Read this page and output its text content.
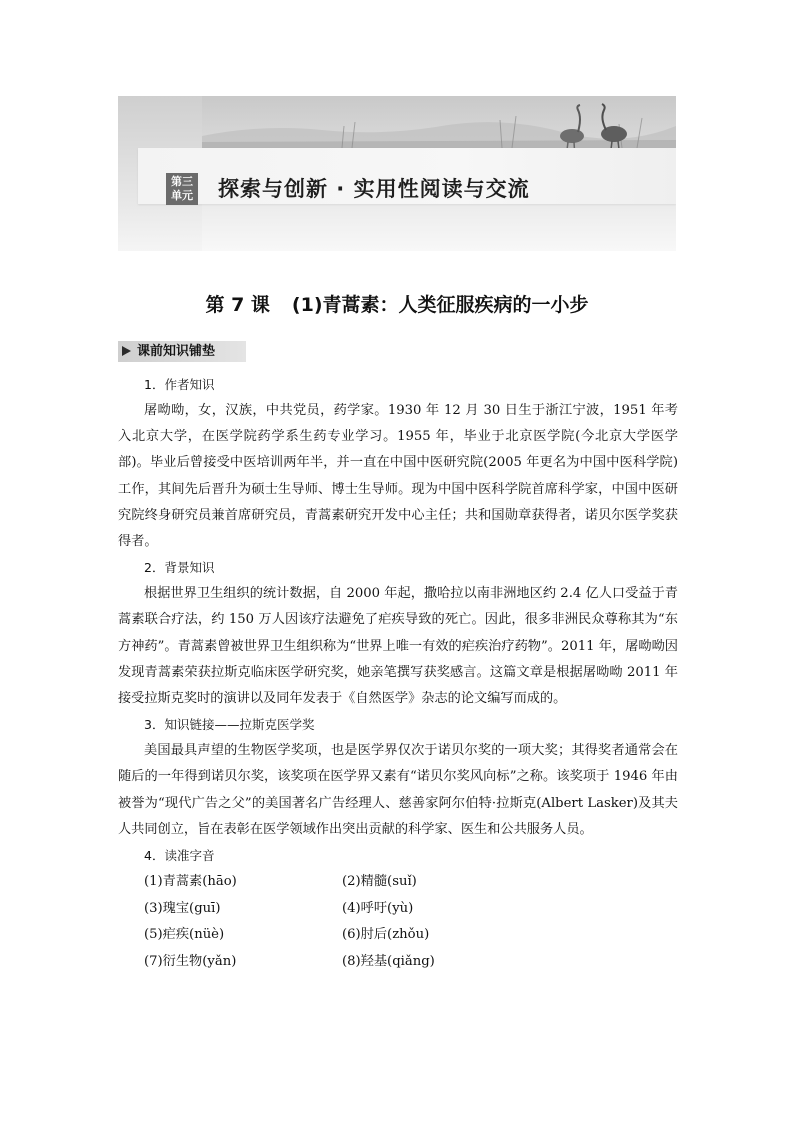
第三
单元 探索与创新 · 实用性阅读与交流
第 7 课 (1)青蒿素：人类征服疾病的一小步
课前知识铺垫
1．作者知识

屠呦呦，女，汉族，中共党员，药学家。1930 年 12 月 30 日生于浙江宁波，1951 年考入北京大学，在医学院药学系生药专业学习。1955 年，毕业于北京医学院(今北京大学医学部)。毕业后曾接受中医培训两年半，并一直在中国中医研究院(2005 年更名为中国中医科学院)工作，其间先后晋升为硕士生导师、博士生导师。现为中国中医科学院首席科学家，中国中医研究院终身研究员兼首席研究员，青蒿素研究开发中心主任；共和国勋章获得者，诺贝尔医学奖获得者。

2．背景知识

根据世界卫生组织的统计数据，自 2000 年起，撒哈拉以南非洲地区约 2.4 亿人口受益于青蒿素联合疗法，约 150 万人因该疗法避免了疟疾导致的死亡。因此，很多非洲民众尊称其为“东方神药”。青蒿素曾被世界卫生组织称为“世界上唯一有效的疟疾治疗药物”。2011 年，屠呦呦因发现青蒿素荣获拉斯克临床医学研究奖，她亲笔撰写获奖感言。这篇文章是根据屠呦呦 2011 年接受拉斯克奖时的演讲以及同年发表于《自然医学》杂志的论文编写而成的。

3．知识链接——拉斯克医学奖

美国最具声望的生物医学奖项，也是医学界仅次于诺贝尔奖的一项大奖；其得奖者通常会在随后的一年得到诺贝尔奖，该奖项在医学界又素有“诺贝尔奖风向标”之称。该奖项于 1946 年由被誉为“现代广告之父”的美国著名广告经理人、慈善家阿尔伯特·拉斯克(Albert Lasker)及其夫人共同创立，旨在表彰在医学领域作出突出贡献的科学家、医生和公共服务人员。

4．读准字音
(1)青蒿素(hāo)	(2)精髓(suǐ)
(3)瑰宝(guī)	(4)呼吁(yù)
(5)疟疾(nüè)	(6)肘后(zhǒu)
(7)衍生物(yǎn)	(8)羟基(qiǎng)
